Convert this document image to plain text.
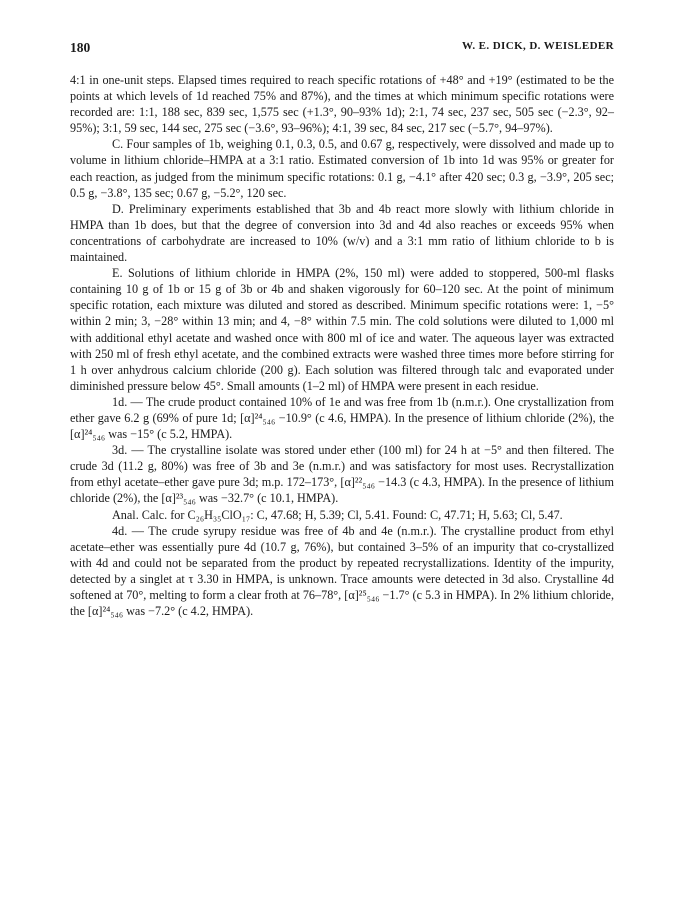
180	W. E. DICK, D. WEISLEDER

4:1 in one-unit steps. Elapsed times required to reach specific rotations of +48° and +19° (estimated to be the points at which levels of 1d reached 75% and 87%), and the times at which minimum specific rotations were recorded are: 1:1, 188 sec, 839 sec, 1,575 sec (+1.3°, 90–93% 1d); 2:1, 74 sec, 237 sec, 505 sec (−2.3°, 92–95%); 3:1, 59 sec, 144 sec, 275 sec (−3.6°, 93–96%); 4:1, 39 sec, 84 sec, 217 sec (−5.7°, 94–97%).

C. Four samples of 1b, weighing 0.1, 0.3, 0.5, and 0.67 g, respectively, were dissolved and made up to volume in lithium chloride–HMPA at a 3:1 ratio. Estimated conversion of 1b into 1d was 95% or greater for each reaction, as judged from the minimum specific rotations: 0.1 g, −4.1° after 420 sec; 0.3 g, −3.9°, 205 sec; 0.5 g, −3.8°, 135 sec; 0.67 g, −5.2°, 120 sec.

D. Preliminary experiments established that 3b and 4b react more slowly with lithium chloride in HMPA than 1b does, but that the degree of conversion into 3d and 4d also reaches or exceeds 95% when concentrations of carbohydrate are increased to 10% (w/v) and a 3:1 mm ratio of lithium chloride to b is maintained.

E. Solutions of lithium chloride in HMPA (2%, 150 ml) were added to stoppered, 500-ml flasks containing 10 g of 1b or 15 g of 3b or 4b and shaken vigorously for 60–120 sec. At the point of minimum specific rotation, each mixture was diluted and stored as described. Minimum specific rotations were: 1, −5° within 2 min; 3, −28° within 13 min; and 4, −8° within 7.5 min. The cold solutions were diluted to 1,000 ml with additional ethyl acetate and washed once with 800 ml of ice and water. The aqueous layer was extracted with 250 ml of fresh ethyl acetate, and the combined extracts were washed three times more before stirring for 1 h over anhydrous calcium chloride (200 g). Each solution was filtered through talc and evaporated under diminished pressure below 45°. Small amounts (1–2 ml) of HMPA were present in each residue.

1d. — The crude product contained 10% of 1e and was free from 1b (n.m.r.). One crystallization from ether gave 6.2 g (69% of pure 1d; [α]²⁴₅₄₆ −10.9° (c 4.6, HMPA). In the presence of lithium chloride (2%), the [α]²⁴₅₄₆ was −15° (c 5.2, HMPA).

3d. — The crystalline isolate was stored under ether (100 ml) for 24 h at −5° and then filtered. The crude 3d (11.2 g, 80%) was free of 3b and 3e (n.m.r.) and was satisfactory for most uses. Recrystallization from ethyl acetate–ether gave pure 3d; m.p. 172–173°, [α]²²₅₄₆ −14.3 (c 4.3, HMPA). In the presence of lithium chloride (2%), the [α]²³₅₄₆ was −32.7° (c 10.1, HMPA).

Anal. Calc. for C₂₆H₃₅ClO₁₇: C, 47.68; H, 5.39; Cl, 5.41. Found: C, 47.71; H, 5.63; Cl, 5.47.

4d. — The crude syrupy residue was free of 4b and 4e (n.m.r.). The crystalline product from ethyl acetate–ether was essentially pure 4d (10.7 g, 76%), but contained 3–5% of an impurity that co-crystallized with 4d and could not be separated from the product by repeated recrystallizations. Identity of the impurity, detected by a singlet at τ 3.30 in HMPA, is unknown. Trace amounts were detected in 3d also. Crystalline 4d softened at 70°, melting to form a clear froth at 76–78°, [α]²⁵₅₄₆ −1.7° (c 5.3 in HMPA). In 2% lithium chloride, the [α]²⁴₅₄₆ was −7.2° (c 4.2, HMPA).
